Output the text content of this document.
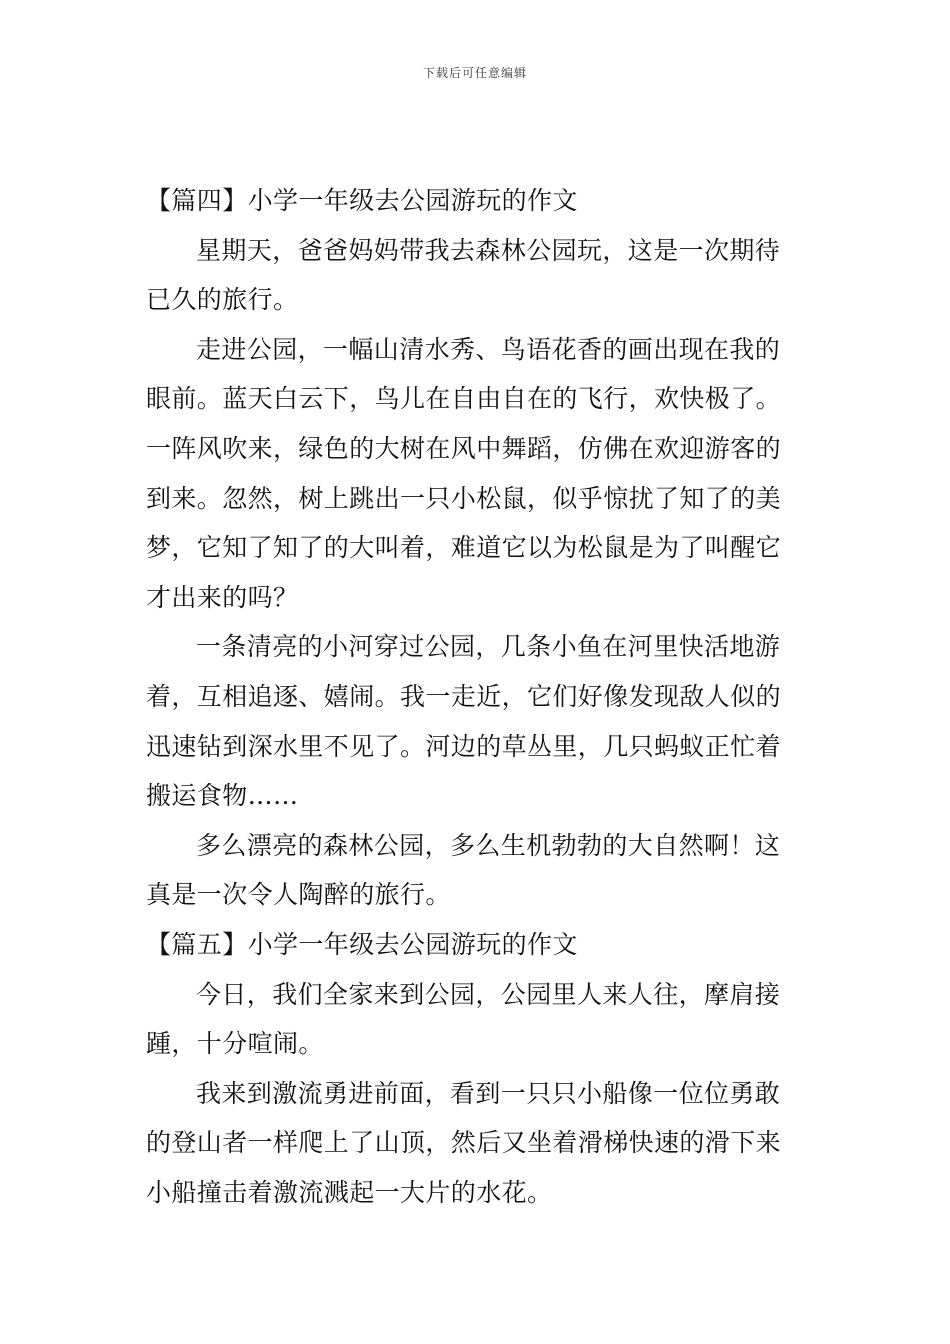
下载后可任意编辑
【篇四】小学一年级去公园游玩的作文
星期天，爸爸妈妈带我去森林公园玩，这是一次期待
已久的旅行。
走进公园，一幅山清水秀、鸟语花香的画出现在我的
眼前。蓝天白云下，鸟儿在自由自在的飞行，欢快极了。
一阵风吹来，绿色的大树在风中舞蹈，仿佛在欢迎游客的
到来。忽然，树上跳出一只小松鼠，似乎惊扰了知了的美
梦，它知了知了的大叫着，难道它以为松鼠是为了叫醒它
才出来的吗？
一条清亮的小河穿过公园，几条小鱼在河里快活地游
着，互相追逐、嬉闹。我一走近，它们好像发现敌人似的
迅速钻到深水里不见了。河边的草丛里，几只蚂蚁正忙着
搬运食物……
多么漂亮的森林公园，多么生机勃勃的大自然啊！这
真是一次令人陶醉的旅行。
【篇五】小学一年级去公园游玩的作文
今日，我们全家来到公园，公园里人来人往，摩肩接
踵，十分喧闹。
我来到激流勇进前面，看到一只只小船像一位位勇敢
的登山者一样爬上了山顶，然后又坐着滑梯快速的滑下来
小船撞击着激流溅起一大片的水花。
